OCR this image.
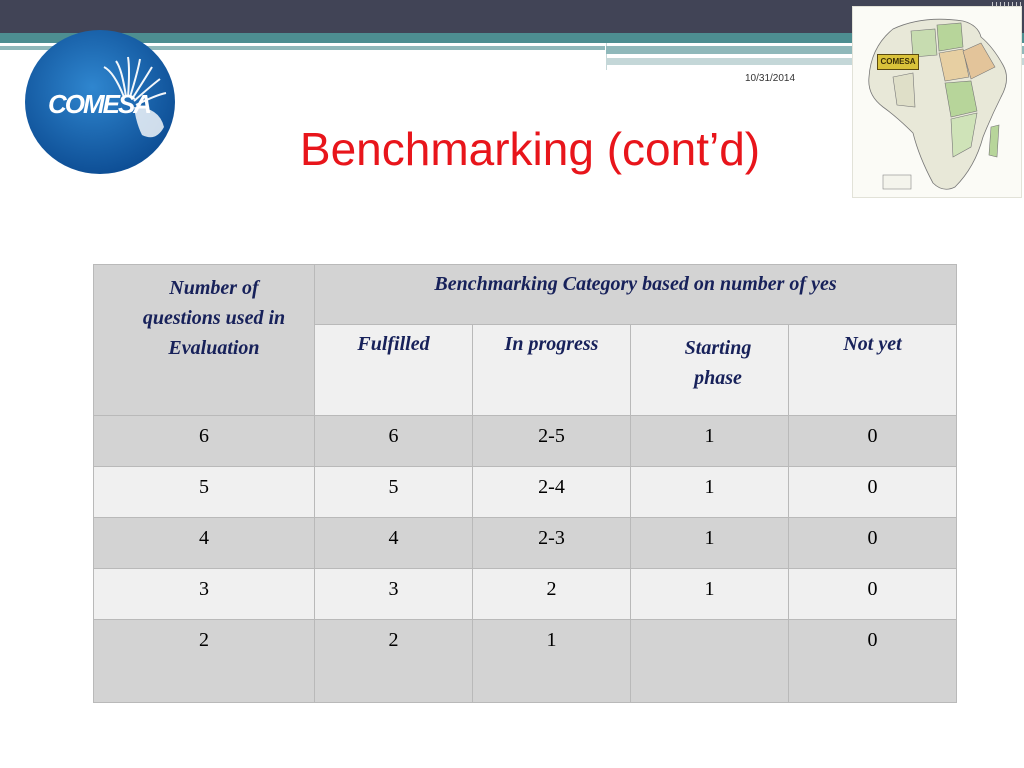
COMESA
COMESA
10/31/2014
Benchmarking (cont’d)
Number of questions used in Evaluation	Benchmarking Category based on number of yes			
	Fulfilled	In progress	Starting phase	Not yet
6	6	2-5	1	0
5	5	2-4	1	0
4	4	2-3	1	0
3	3	2	1	0
2	2	1		0
